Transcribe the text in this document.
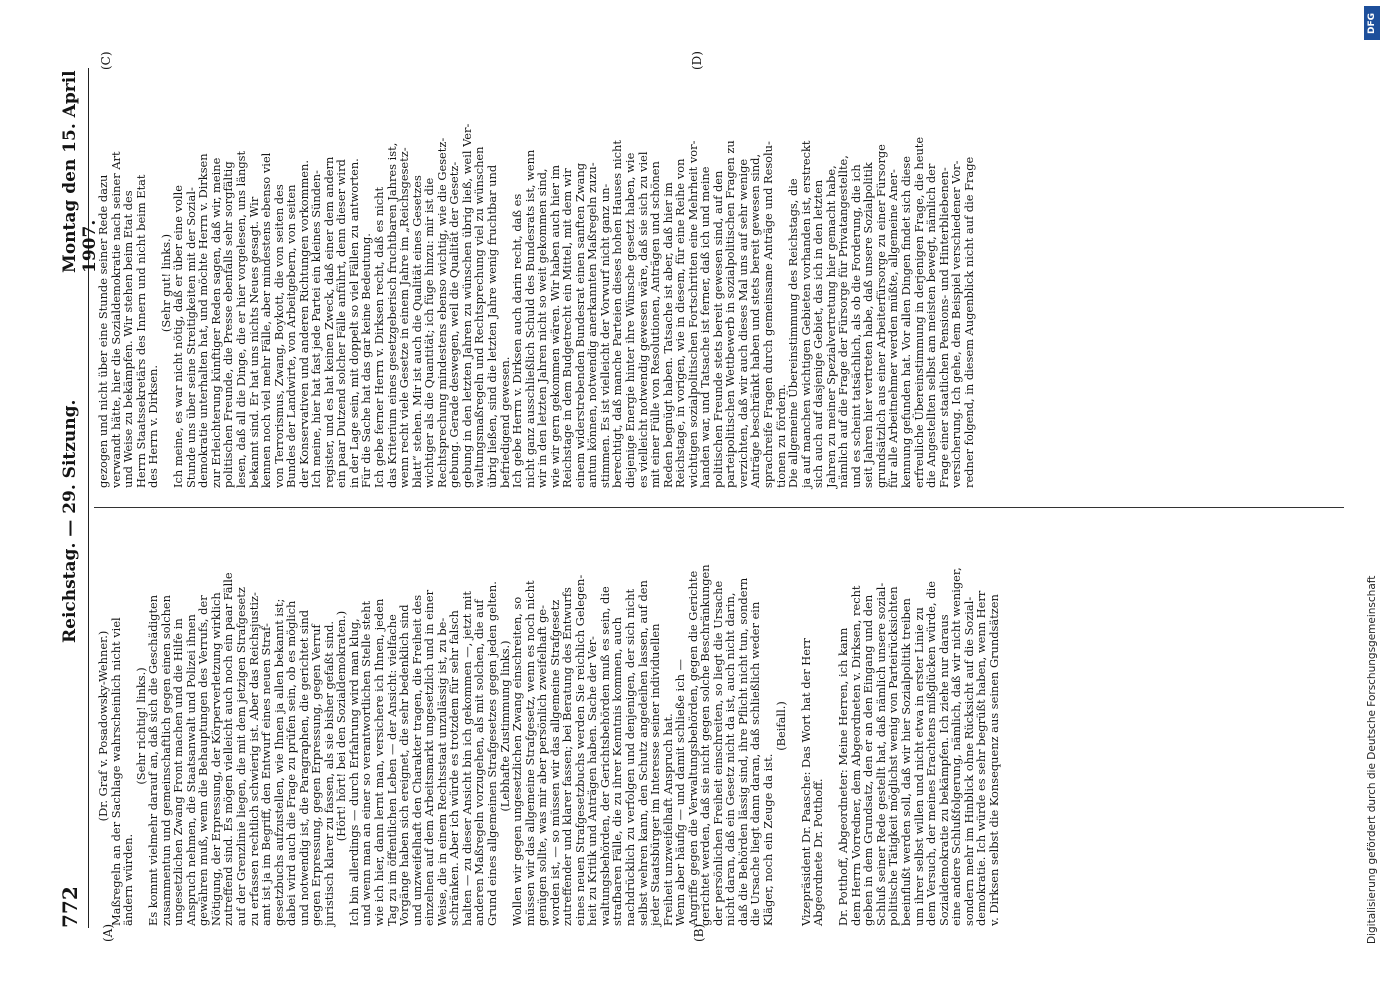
772
Reichstag. — 29. Sitzung.
Montag den 15. April 1907.
(A)	(B)
(C)	(D)
(Dr. Graf v. Posadowsky-Wehner.)
Maßregeln an der Sachlage wahrscheinlich nicht viel
ändern würden.
(Sehr richtig! links.)
Es kommt vielmehr darauf an, daß sich die Geschädigten
zusammentun und gemeinschaftlich gegen einen solchen
ungesetzlichen Zwang Front machen und die Hilfe in
Anspruch nehmen, die Staatsanwalt und Polizei ihnen
gewähren muß, wenn die Behauptungen des Verrufs, der
Nötigung, der Erpressung, der Körperverletzung wirklich
zutreffend sind. Es mögen vielleicht auch noch ein paar Fälle
auf der Grenzlinie liegen, die mit dem jetzigen Strafgesetz
zu erfassen rechtlich schwierig ist. Aber das Reichsjustiz-
amt ist ja im Begriff, den Entwurf eines neuen Straf-
gesetzbuchs aufzustellen, wie Ihnen ja allen bekannt ist;
dabei wird auch die Frage zu prüfen sein, ob es möglich
und notwendig ist, die Paragraphen, die gerichtet sind
gegen Erpressung, gegen Erpressung, gegen Verruf
juristisch klarer zu fassen, als sie bisher gefaßt sind.
(Hört! hört! bei den Sozialdemokraten.)
Ich bin allerdings — durch Erfahrung wird man klug,
und wenn man an einer so verantwortlichen Stelle steht
wie ich hier, dann lernt man, versichere ich Ihnen, jeden
Tag zu im öffentlichen Leben — der Ansicht: vielfache
Vorgänge haben sich ereignet, die sehr bedenklich sind
und unzweifelhaft den Charakter tragen, die Freiheit des
einzelnen auf dem Arbeitsmarkt ungesetzlich und in einer
Weise, die in einem Rechtsstaat unzulässig ist, zu be-
schränken. Aber ich würde es trotzdem für sehr falsch
halten — zu dieser Ansicht bin ich gekommen —, jetzt mit
anderen Maßregeln vorzugehen, als mit solchen, die auf
Grund eines allgemeinen Strafgesetzes gegen jeden gelten.
(Lebhafte Zustimmung links.)
Wollen wir gegen ungesetzlichen Zwang einschreiten, so
müssen wir das allgemeine Strafgesetz, wenn es noch nicht
genügen sollte, was mir aber persönlich zweifelhaft ge-
worden ist, — so müssen wir das allgemeine Strafgesetz
zutreffender und klarer fassen; bei Beratung des Entwurfs
eines neuen Strafgesetzbuchs werden Sie reichlich Gelegen-
heit zu Kritik und Anträgen haben. Sache der Ver-
waltungsbehörden, der Gerichtsbehörden muß es sein, die
strafbaren Fälle, die zu ihrer Kenntnis kommen, auch
nachdrücklich zu verfolgen und denjenigen, der sich nicht
selbst wehren kann, den Schutz angedeihen lassen, auf den
jeder Staatsbürger im Interesse seiner individuellen
Freiheit unzweifelhaft Anspruch hat.
Wenn aber häufig — und damit schließe ich —
Angriffe gegen die Verwaltungsbehörden, gegen die Gerichte
gerichtet werden, daß sie nicht gegen solche Beschränkungen
der persönlichen Freiheit einschreiten, so liegt die Ursache
nicht daran, daß ein Gesetz nicht da ist, auch nicht darin,
daß die Behörden lässig sind, ihre Pflicht nicht tun, sondern
die Ursache liegt dann daran, daß schließlich weder ein
Kläger, noch ein Zeuge da ist.
(Beifall.) Vizepräsident Dr. Paasche: Das Wort hat der Herr
Abgeordnete Dr. Potthoff. Dr. Potthoff, Abgeordneter: Meine Herren, ich kann
dem Herrn Vorredner, dem Abgeordneten v. Dirksen, recht
geben in dem Grundsatz, den er an den Eingang und den
Schluß seiner Rede gestellt hat, daß nämlich unsere sozial-
politische Tätigkeit möglichst wenig von Parteirücksichten
beeinflußt werden soll, daß wir hier Sozialpolitik treiben
um ihrer selbst willen und nicht etwa in erster Linie zu
dem Versuch, der meines Erachtens mißglücken würde, die
Sozialdemokratie zu bekämpfen. Ich ziehe nur daraus
eine andere Schlußfolgerung, nämlich, daß wir nicht weniger,
sondern mehr im Hinblick ohne Rücksicht auf die Sozial-
demokratie. Ich würde es sehr begrüßt haben, wenn Herr
v. Dirksen selbst die Konsequenz aus seinen Grundsätzen
gezogen und nicht über eine Stunde seiner Rede dazu
verwandt hätte, hier die Sozialdemokratie nach seiner Art
und Weise zu bekämpfen. Wir stehen beim Etat des
Herrn Staatssekretärs des Innern und nicht beim Etat
des Herrn v. Dirksen.
(Sehr gut! links.)
Ich meine, es war nicht nötig, daß er über eine volle
Stunde uns über seine Streitigkeiten mit der Sozial-
demokratie unterhalten hat, und möchte Herrn v. Dirksen
zur Erleichterung künftiger Reden sagen, daß wir, meine
politischen Freunde, die Presse ebenfalls sehr sorgfältig
lesen, daß all die Dinge, die er hier vorgelesen, uns längst
bekannt sind. Er hat uns nichts Neues gesagt. Wir
kennen noch viel mehr Fälle, aber mindestens ebenso viel
von Terrorismus, Zwang, Boykott, die von seiten des
Bundes der Landwirte, von Arbeitgebern, von seiten
der Konservativen und anderen Richtungen vorkommen.
Ich meine, hier hat fast jede Partei ein kleines Sünden-
register, und es hat keinen Zweck, daß einer dem andern
ein paar Dutzend solcher Fälle anführt, denn dieser wird
in der Lage sein, mit doppelt so viel Fällen zu antworten.
Für die Sache hat das gar keine Bedeutung.
Ich gebe ferner Herrn v. Dirksen recht, daß es nicht
das Kriterium eines gesetzgeberisch fruchtbaren Jahres ist,
wenn recht viele Gesetze in einem Jahre im „Reichsgesetz-
blatt“ stehen. Mir ist auch die Qualität eines Gesetzes
wichtiger als die Quantität; ich füge hinzu: mir ist die
Rechtsprechung mindestens ebenso wichtig, wie die Gesetz-
gebung. Gerade deswegen, weil die Qualität der Gesetz-
gebung in den letzten Jahren zu wünschen übrig ließ, weil Ver-
waltungsmaßregeln und Rechtsprechung viel zu wünschen
übrig ließen, sind die letzten Jahre wenig fruchtbar und
befriedigend gewesen.
Ich gebe Herrn v. Dirksen auch darin recht, daß es
nicht ganz ausschließlich Schuld des Bundesrats ist, wenn
wir in den letzten Jahren nicht so weit gekommen sind,
wie wir gern gekommen wären. Wir haben auch hier im
Reichstage in dem Budgetrecht ein Mittel, mit dem wir
einem widerstrebenden Bundesrat einen sanften Zwang
antun können, notwendig anerkannten Maßregeln zuzu-
stimmen. Es ist vielleicht der Vorwurf nicht ganz un-
berechtigt, daß manche Parteien dieses hohen Hauses nicht
diejenige Energie hinter ihre Wünsche gesetzt haben, wie
es vielleicht notwendig gewesen wäre, daß sie sich zu viel
mit einer Fülle von Resolutionen, Anträgen und schönen
Reden begnügt haben. Tatsache ist aber, daß hier im
Reichstage, in vorigen, wie in diesem, für eine Reihe von
wichtigen sozialpolitischen Fortschritten eine Mehrheit vor-
handen war, und Tatsache ist ferner, daß ich und meine
politischen Freunde stets bereit gewesen sind, auf den
parteipolitischen Wettbewerb in sozialpolitischen Fragen zu
verzichten, daß wir auch dieses Mal uns auf sehr wenige
Anträge beschränkt haben und stets bereit gewesen sind,
sprachreife Fragen durch gemeinsame Anträge und Resolu-
tionen zu fördern.
Die allgemeine Übereinstimmung des Reichstags, die
ja auf manchen wichtigen Gebieten vorhanden ist, erstreckt
sich auch auf dasjenige Gebiet, das ich in den letzten
Jahren zu meiner Spezialvertretung hier gemacht habe,
nämlich auf die Frage der Fürsorge für Privatangestellte,
und es scheint tatsächlich, als ob die Forderung, die ich
seit Jahren hier vertreten habe, daß unsere Sozialpolitik
grundsätzlich aus einer Arbeiterfürsorge zu einer Fürsorge
für alle Arbeitnehmer werden müßte, allgemeine Aner-
kennung gefunden hat. Vor allen Dingen findet sich diese
erfreuliche Übereinstimmung in derjenigen Frage, die heute
die Angestellten selbst am meisten bewegt, nämlich der
Frage einer staatlichen Pensions- und Hinterbliebenen-
versicherung. Ich gehe, dem Beispiel verschiedener Vor-
redner folgend, in diesem Augenblick nicht auf die Frage
DFG
Digitalisierung gefördert durch die Deutsche Forschungsgemeinschaft
